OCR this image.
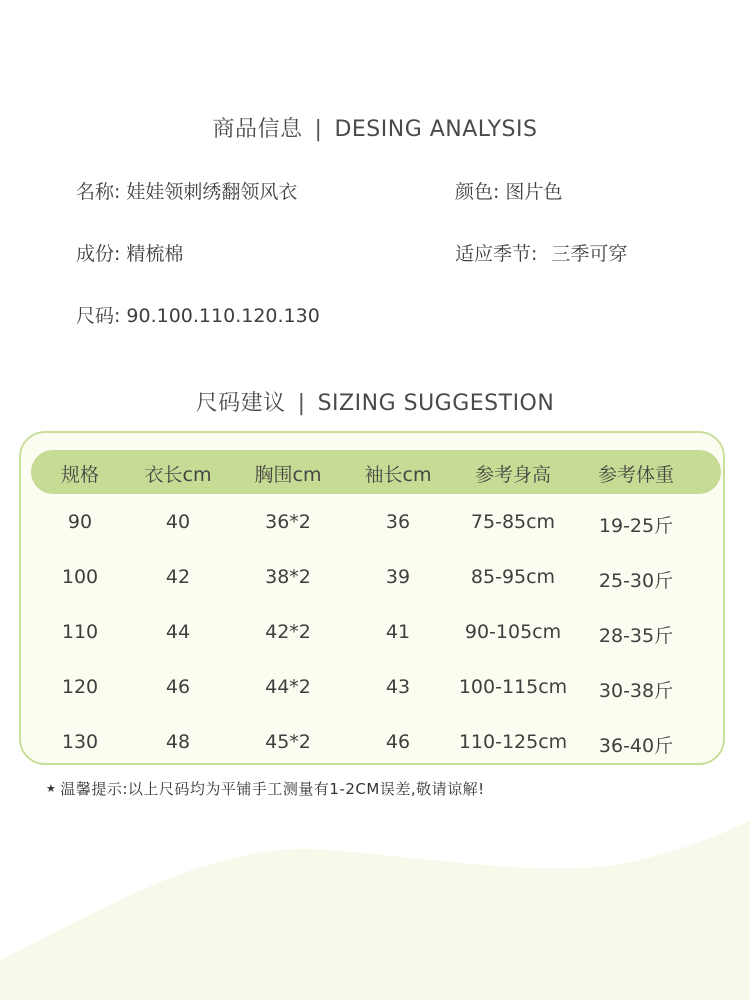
商品信息 | DESING ANALYSIS
名称: 娃娃领刺绣翻领风衣	颜色: 图片色
成份: 精梳棉	适应季节: 三季可穿
尺码: 90.100.110.120.130
尺码建议 | SIZING SUGGESTION
规格	衣长cm	胸围cm	袖长cm	参考身高	参考体重
90	40	36*2	36	75-85cm	19-25斤
100	42	38*2	39	85-95cm	25-30斤
110	44	42*2	41	90-105cm	28-35斤
120	46	44*2	43	100-115cm	30-38斤
130	48	45*2	46	110-125cm	36-40斤
★ 温馨提示:以上尺码均为平铺手工测量有1-2CM误差,敬请谅解!
